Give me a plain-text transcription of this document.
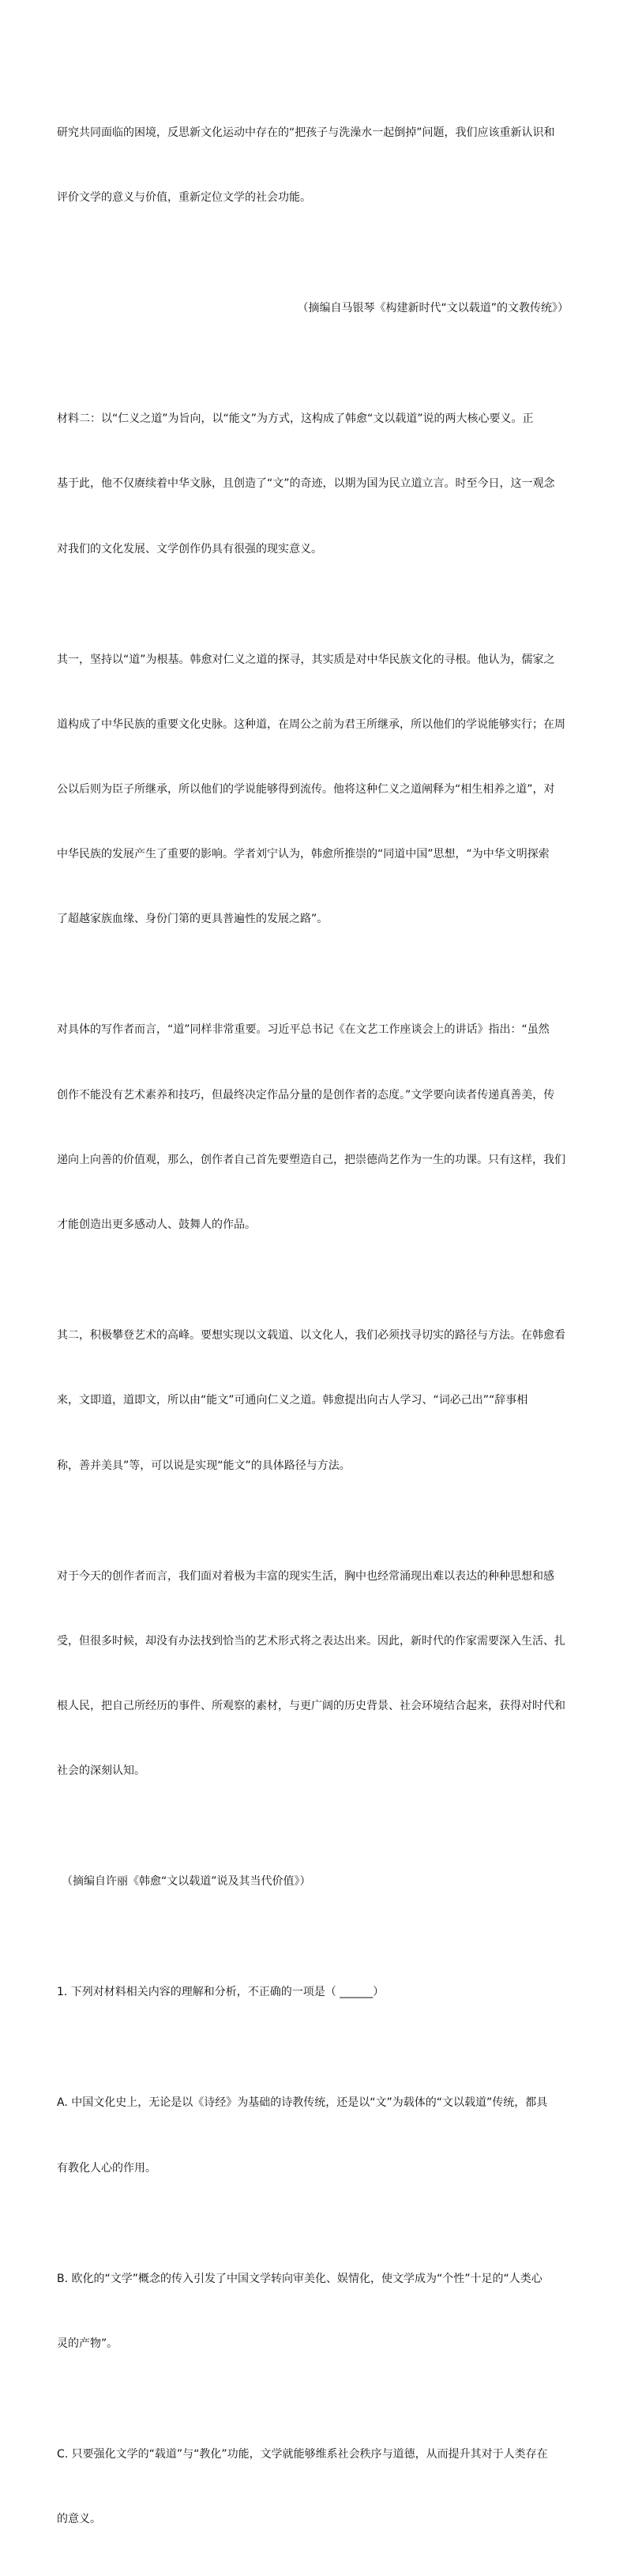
研究共同面临的困境，反思新文化运动中存在的“把孩子与洗澡水一起倒掉”问题，我们应该重新认识和

评价文学的意义与价值，重新定位文学的社会功能。

（摘编自马银琴《构建新时代“文以载道”的文教传统》）

材料二：以“仁义之道”为旨向，以“能文”为方式，这构成了韩愈“文以载道”说的两大核心要义。正

基于此，他不仅赓续着中华文脉，且创造了“文”的奇迹，以期为国为民立道立言。时至今日，这一观念

对我们的文化发展、文学创作仍具有很强的现实意义。

其一，坚持以“道”为根基。韩愈对仁义之道的探寻，其实质是对中华民族文化的寻根。他认为，儒家之

道构成了中华民族的重要文化史脉。这种道，在周公之前为君王所继承，所以他们的学说能够实行；在周

公以后则为臣子所继承，所以他们的学说能够得到流传。他将这种仁义之道阐释为“相生相养之道”，对

中华民族的发展产生了重要的影响。学者刘宁认为，韩愈所推崇的“同道中国”思想，“为中华文明探索

了超越家族血缘、身份门第的更具普遍性的发展之路”。

对具体的写作者而言，“道”同样非常重要。习近平总书记《在文艺工作座谈会上的讲话》指出：“虽然

创作不能没有艺术素养和技巧，但最终决定作品分量的是创作者的态度。”文学要向读者传递真善美，传

递向上向善的价值观，那么，创作者自己首先要塑造自己，把崇德尚艺作为一生的功课。只有这样，我们

才能创造出更多感动人、鼓舞人的作品。

其二，积极攀登艺术的高峰。要想实现以文载道、以文化人，我们必须找寻切实的路径与方法。在韩愈看

来，文即道，道即文，所以由“能文”可通向仁义之道。韩愈提出向古人学习、“词必己出”“辞事相

称，善并美具”等，可以说是实现“能文”的具体路径与方法。

对于今天的创作者而言，我们面对着极为丰富的现实生活，胸中也经常涌现出难以表达的种种思想和感

受，但很多时候，却没有办法找到恰当的艺术形式将之表达出来。因此，新时代的作家需要深入生活、扎

根人民，把自己所经历的事件、所观察的素材，与更广阔的历史背景、社会环境结合起来，获得对时代和

社会的深刻认知。

（摘编自许丽《韩愈“文以载道”说及其当代价值》）

1. 下列对材料相关内容的理解和分析，不正确的一项是（ ______）

A. 中国文化史上，无论是以《诗经》为基础的诗教传统，还是以“文”为载体的“文以载道”传统，都具

有教化人心的作用。

B. 欧化的“文学”概念的传入引发了中国文学转向审美化、娱情化，使文学成为“个性”十足的“人类心

灵的产物”。

C. 只要强化文学的“载道”与“教化”功能，文学就能够维系社会秩序与道德，从而提升其对于人类存在

的意义。
